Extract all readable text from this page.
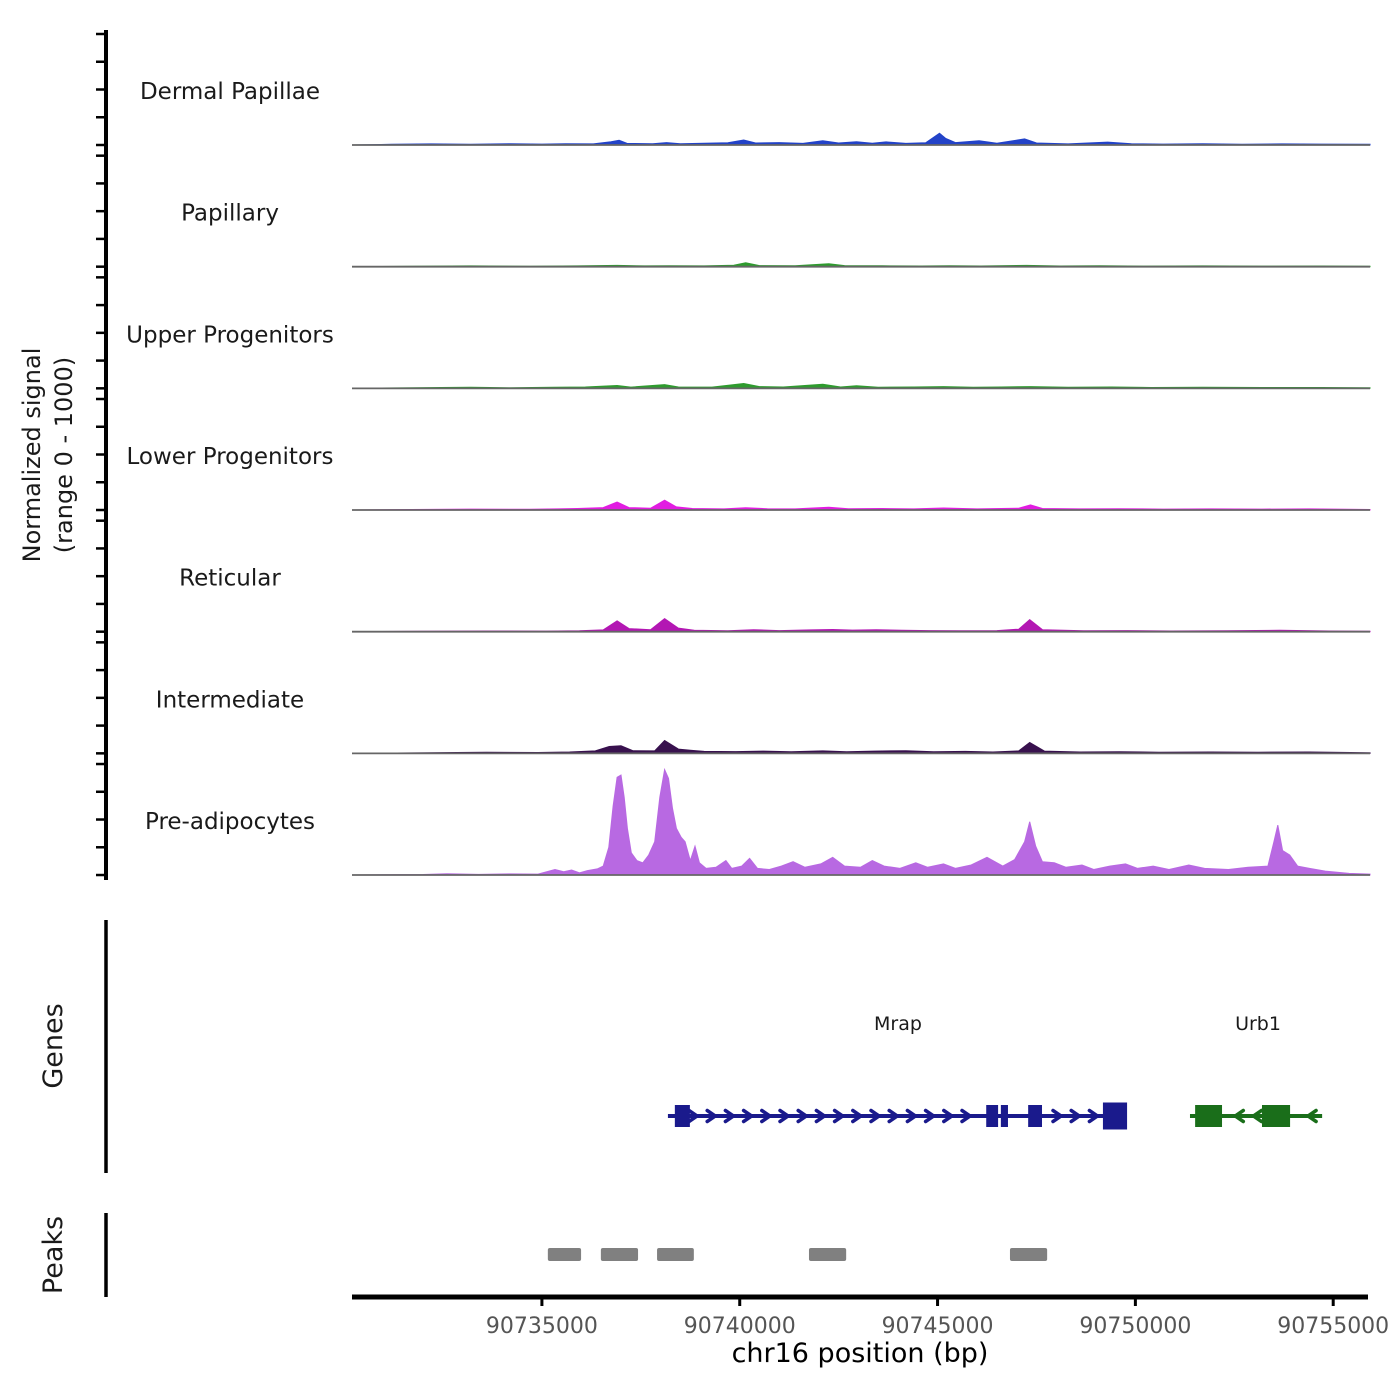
Dermal Papillae
Papillary
Upper Progenitors
Lower Progenitors
Reticular
Intermediate
Pre-adipocytes
Normalized signal (range 0 - 1000)
Genes	Mrap	Urb1
Peaks
90735000	90740000	90745000	90750000	90755000
chr16 position (bp)
